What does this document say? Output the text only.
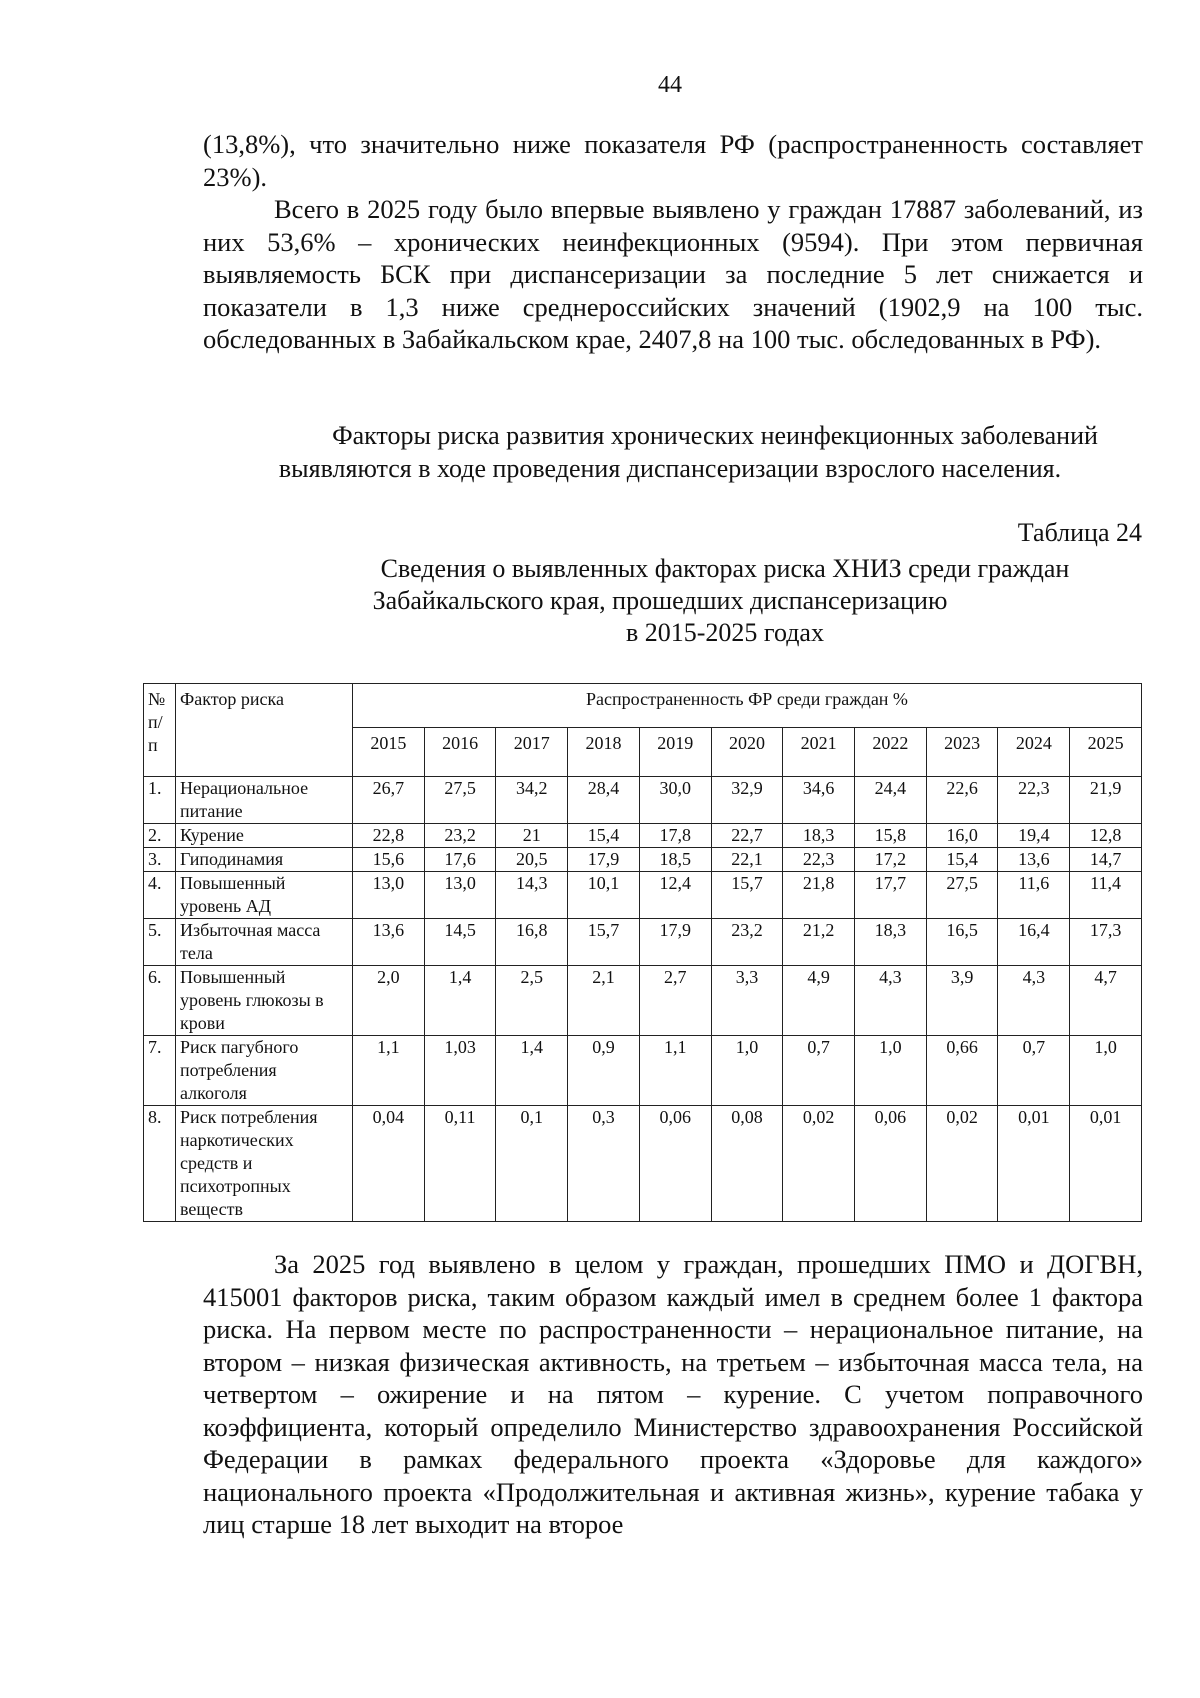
44

(13,8%), что значительно ниже показателя РФ (распространенность составляет 23%).

Всего в 2025 году было впервые выявлено у граждан 17887 заболеваний, из них 53,6% – хронических неинфекционных (9594). При этом первичная выявляемость БСК при диспансеризации за последние 5 лет снижается и показатели в 1,3 ниже среднероссийских значений (1902,9 на 100 тыс. обследованных в Забайкальском крае, 2407,8 на 100 тыс. обследованных в РФ).

Факторы риска развития хронических неинфекционных заболеваний
выявляются в ходе проведения диспансеризации взрослого населения.

Таблица 24

Сведения о выявленных факторах риска ХНИЗ среди граждан
Забайкальского края, прошедших диспансеризацию
в 2015-2025 годах

№ п/п	Фактор риска	Распространенность ФР среди граждан %										
		2015	2016	2017	2018	2019	2020	2021	2022	2023	2024	2025
1.	Нерациональное питание	26,7	27,5	34,2	28,4	30,0	32,9	34,6	24,4	22,6	22,3	21,9
2.	Курение	22,8	23,2	21	15,4	17,8	22,7	18,3	15,8	16,0	19,4	12,8
3.	Гиподинамия	15,6	17,6	20,5	17,9	18,5	22,1	22,3	17,2	15,4	13,6	14,7
4.	Повышенный уровень АД	13,0	13,0	14,3	10,1	12,4	15,7	21,8	17,7	27,5	11,6	11,4
5.	Избыточная масса тела	13,6	14,5	16,8	15,7	17,9	23,2	21,2	18,3	16,5	16,4	17,3
6.	Повышенный уровень глюкозы в крови	2,0	1,4	2,5	2,1	2,7	3,3	4,9	4,3	3,9	4,3	4,7
7.	Риск пагубного потребления алкоголя	1,1	1,03	1,4	0,9	1,1	1,0	0,7	1,0	0,66	0,7	1,0
8.	Риск потребления наркотических средств и психотропных веществ	0,04	0,11	0,1	0,3	0,06	0,08	0,02	0,06	0,02	0,01	0,01

За 2025 год выявлено в целом у граждан, прошедших ПМО и ДОГВН, 415001 факторов риска, таким образом каждый имел в среднем более 1 фактора риска. На первом месте по распространенности – нерациональное питание, на втором – низкая физическая активность, на третьем – избыточная масса тела, на четвертом – ожирение и на пятом – курение. С учетом поправочного коэффициента, который определило Министерство здравоохранения Российской Федерации в рамках федерального проекта «Здоровье для каждого» национального проекта «Продолжительная и активная жизнь», курение табака у лиц старше 18 лет выходит на второе
